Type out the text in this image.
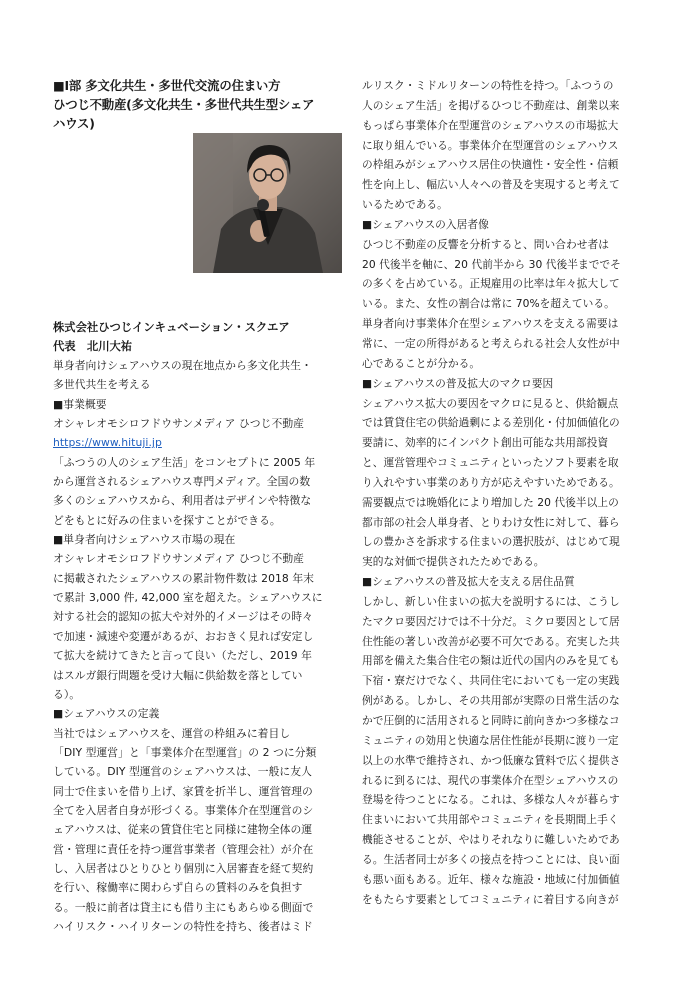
■Ⅰ部 多文化共生・多世代交流の住まい方
ひつじ不動産(多文化共生・多世代共生型シェア
ハウス)
株式会社ひつじインキュベーション・スクエア
代表　北川大祐
単身者向けシェアハウスの現在地点から多文化共生・
多世代共生を考える
■事業概要
オシャレオモシロフドウサンメディア ひつじ不動産
https://www.hituji.jp
「ふつうの人のシェア生活」をコンセプトに 2005 年
から運営されるシェアハウス専門メディア。全国の数
多くのシェアハウスから、利用者はデザインや特徴な
どをもとに好みの住まいを探すことができる。
■単身者向けシェアハウス市場の現在
オシャレオモシロフドウサンメディア ひつじ不動産
に掲載されたシェアハウスの累計物件数は 2018 年末
で累計 3,000 件, 42,000 室を超えた。シェアハウスに
対する社会的認知の拡大や対外的イメージはその時々
で加速・減速や変遷があるが、おおきく見れば安定し
て拡大を続けてきたと言って良い（ただし、2019 年
はスルガ銀行問題を受け大幅に供給数を落としてい
る）。
■シェアハウスの定義
当社ではシェアハウスを、運営の枠組みに着目し
「DIY 型運営」と「事業体介在型運営」の 2 つに分類
している。DIY 型運営のシェアハウスは、一般に友人
同士で住まいを借り上げ、家賃を折半し、運営管理の
全てを入居者自身が形づくる。事業体介在型運営のシ
ェアハウスは、従来の賃貸住宅と同様に建物全体の運
営・管理に責任を持つ運営事業者（管理会社）が介在
し、入居者はひとりひとり個別に入居審査を経て契約
を行い、稼働率に関わらず自らの賃料のみを負担す
る。一般に前者は貸主にも借り主にもあらゆる側面で
ハイリスク・ハイリターンの特性を持ち、後者はミド
ルリスク・ミドルリターンの特性を持つ。「ふつうの
人のシェア生活」を掲げるひつじ不動産は、創業以来
もっぱら事業体介在型運営のシェアハウスの市場拡大
に取り組んでいる。事業体介在型運営のシェアハウス
の枠組みがシェアハウス居住の快適性・安全性・信頼
性を向上し、幅広い人々への普及を実現すると考えて
いるためである。
■シェアハウスの入居者像
ひつじ不動産の反響を分析すると、問い合わせ者は
20 代後半を軸に、20 代前半から 30 代後半まででそ
の多くを占めている。正規雇用の比率は年々拡大して
いる。また、女性の割合は常に 70%を超えている。
単身者向け事業体介在型シェアハウスを支える需要は
常に、一定の所得があると考えられる社会人女性が中
心であることが分かる。
■シェアハウスの普及拡大のマクロ要因
シェアハウス拡大の要因をマクロに見ると、供給観点
では賃貸住宅の供給過剰による差別化・付加価値化の
要請に、効率的にインパクト創出可能な共用部投資
と、運営管理やコミュニティといったソフト要素を取
り入れやすい事業のあり方が応えやすいためである。
需要観点では晩婚化により増加した 20 代後半以上の
都市部の社会人単身者、とりわけ女性に対して、暮ら
しの豊かさを訴求する住まいの選択肢が、はじめて現
実的な対価で提供されたためである。
■シェアハウスの普及拡大を支える居住品質
しかし、新しい住まいの拡大を説明するには、こうし
たマクロ要因だけでは不十分だ。ミクロ要因として居
住性能の著しい改善が必要不可欠である。充実した共
用部を備えた集合住宅の類は近代の国内のみを見ても
下宿・寮だけでなく、共同住宅においても一定の実践
例がある。しかし、その共用部が実際の日常生活のな
かで圧倒的に活用されると同時に前向きかつ多様なコ
ミュニティの効用と快適な居住性能が長期に渡り一定
以上の水準で維持され、かつ低廉な賃料で広く提供さ
れるに到るには、現代の事業体介在型シェアハウスの
登場を待つことになる。これは、多様な人々が暮らす
住まいにおいて共用部やコミュニティを長期間上手く
機能させることが、やはりそれなりに難しいためであ
る。生活者同士が多くの接点を持つことには、良い面
も悪い面もある。近年、様々な施設・地域に付加価値
をもたらす要素としてコミュニティに着目する向きが
